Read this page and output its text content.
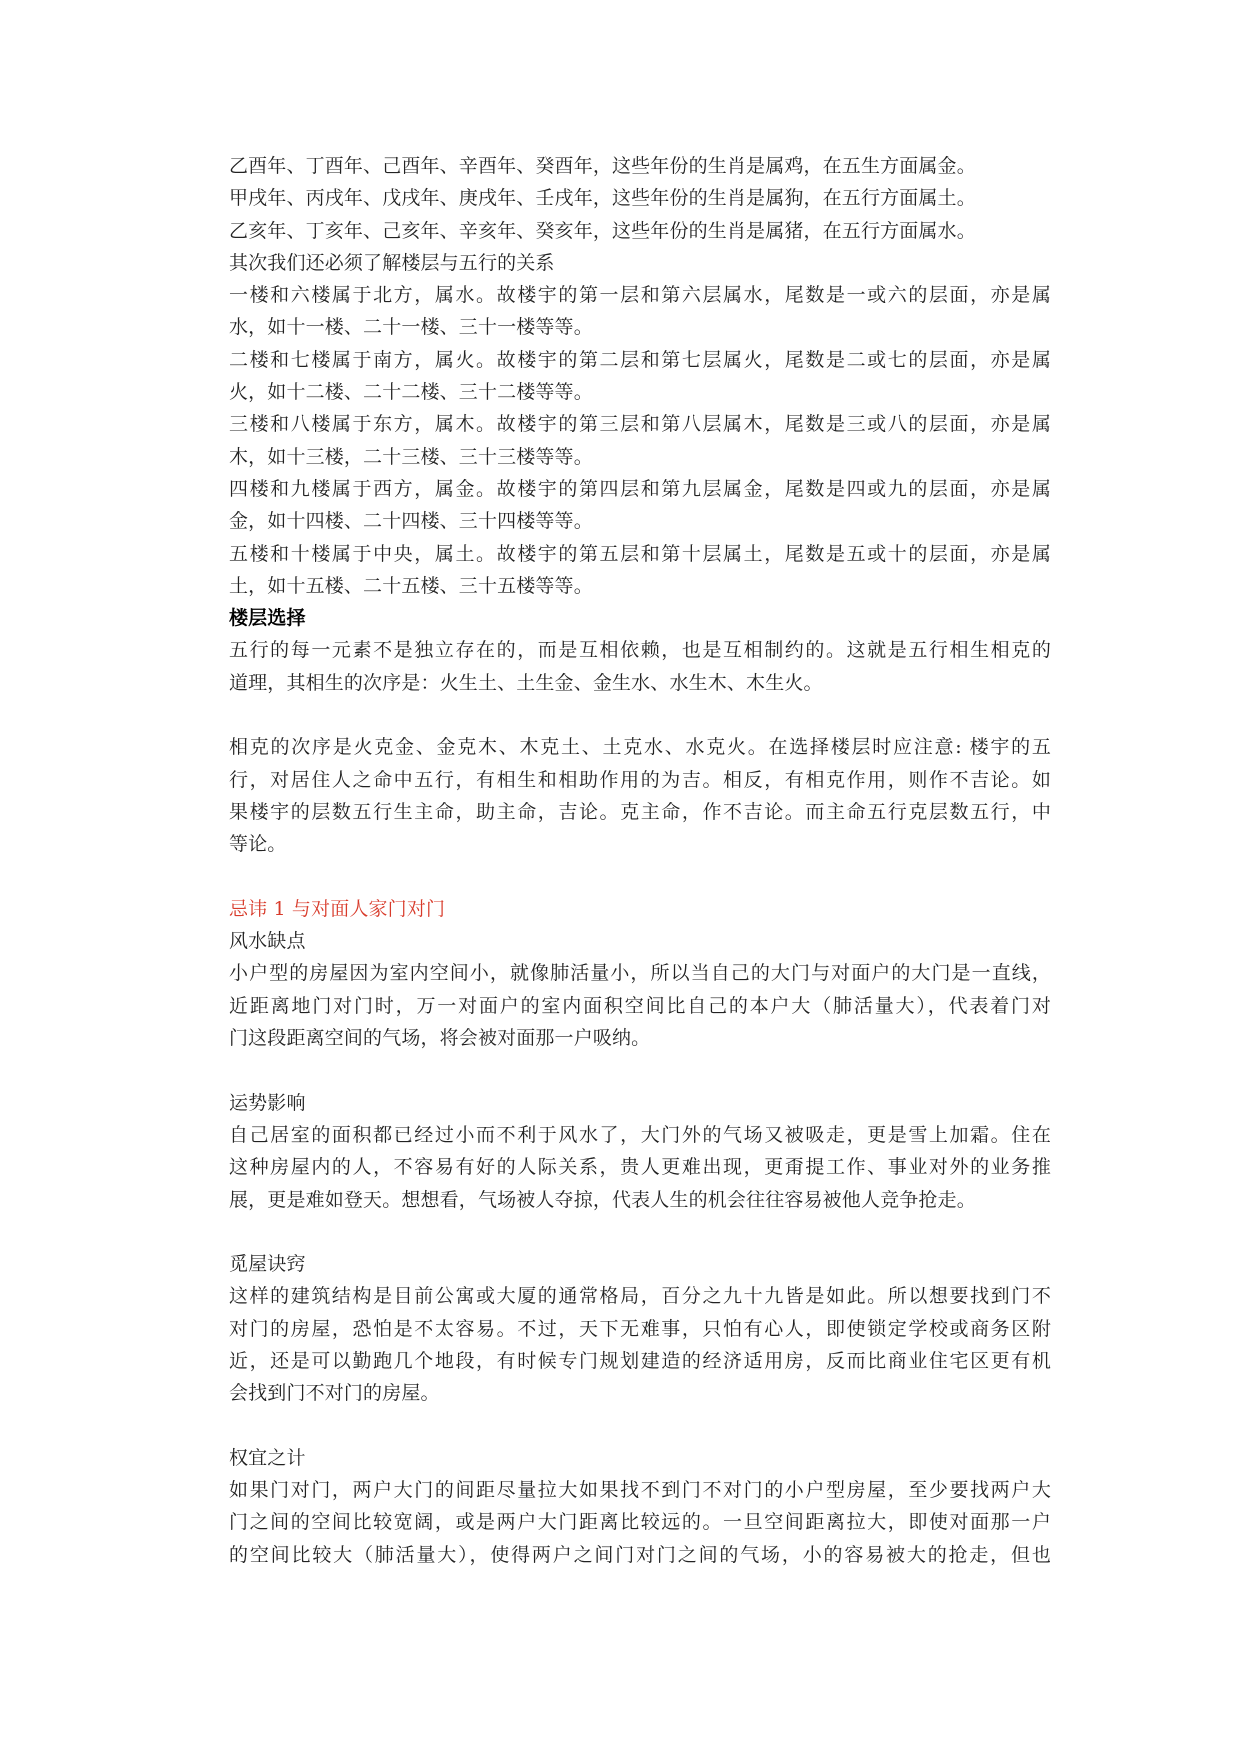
乙酉年、丁酉年、己酉年、辛酉年、癸酉年，这些年份的生肖是属鸡，在五生方面属金。
甲戌年、丙戌年、戊戌年、庚戌年、壬戌年，这些年份的生肖是属狗，在五行方面属土。
乙亥年、丁亥年、己亥年、辛亥年、癸亥年，这些年份的生肖是属猪，在五行方面属水。
其次我们还必须了解楼层与五行的关系
一楼和六楼属于北方，属水。故楼宇的第一层和第六层属水，尾数是一或六的层面，亦是属
水，如十一楼、二十一楼、三十一楼等等。
二楼和七楼属于南方，属火。故楼宇的第二层和第七层属火，尾数是二或七的层面，亦是属
火，如十二楼、二十二楼、三十二楼等等。
三楼和八楼属于东方，属木。故楼宇的第三层和第八层属木，尾数是三或八的层面，亦是属
木，如十三楼，二十三楼、三十三楼等等。
四楼和九楼属于西方，属金。故楼宇的第四层和第九层属金，尾数是四或九的层面，亦是属
金，如十四楼、二十四楼、三十四楼等等。
五楼和十楼属于中央，属土。故楼宇的第五层和第十层属土，尾数是五或十的层面，亦是属
土，如十五楼、二十五楼、三十五楼等等。
楼层选择
五行的每一元素不是独立存在的，而是互相依赖，也是互相制约的。这就是五行相生相克的
道理，其相生的次序是：火生土、土生金、金生水、水生木、木生火。
相克的次序是火克金、金克木、木克土、土克水、水克火。在选择楼层时应注意: 楼宇的五
行，对居住人之命中五行，有相生和相助作用的为吉。相反，有相克作用，则作不吉论。如
果楼宇的层数五行生主命，助主命，吉论。克主命，作不吉论。而主命五行克层数五行，中
等论。
忌讳 1 与对面人家门对门
风水缺点
小户型的房屋因为室内空间小，就像肺活量小，所以当自己的大门与对面户的大门是一直线，
近距离地门对门时，万一对面户的室内面积空间比自己的本户大（肺活量大），代表着门对
门这段距离空间的气场，将会被对面那一户吸纳。
运势影响
自己居室的面积都已经过小而不利于风水了，大门外的气场又被吸走，更是雪上加霜。住在
这种房屋内的人，不容易有好的人际关系，贵人更难出现，更甭提工作、事业对外的业务推
展，更是难如登天。想想看，气场被人夺掠，代表人生的机会往往容易被他人竞争抢走。
觅屋诀窍
这样的建筑结构是目前公寓或大厦的通常格局，百分之九十九皆是如此。所以想要找到门不
对门的房屋，恐怕是不太容易。不过，天下无难事，只怕有心人，即使锁定学校或商务区附
近，还是可以勤跑几个地段，有时候专门规划建造的经济适用房，反而比商业住宅区更有机
会找到门不对门的房屋。
权宜之计
如果门对门，两户大门的间距尽量拉大如果找不到门不对门的小户型房屋，至少要找两户大
门之间的空间比较宽阔，或是两户大门距离比较远的。一旦空间距离拉大，即使对面那一户
的空间比较大（肺活量大），使得两户之间门对门之间的气场，小的容易被大的抢走，但也
